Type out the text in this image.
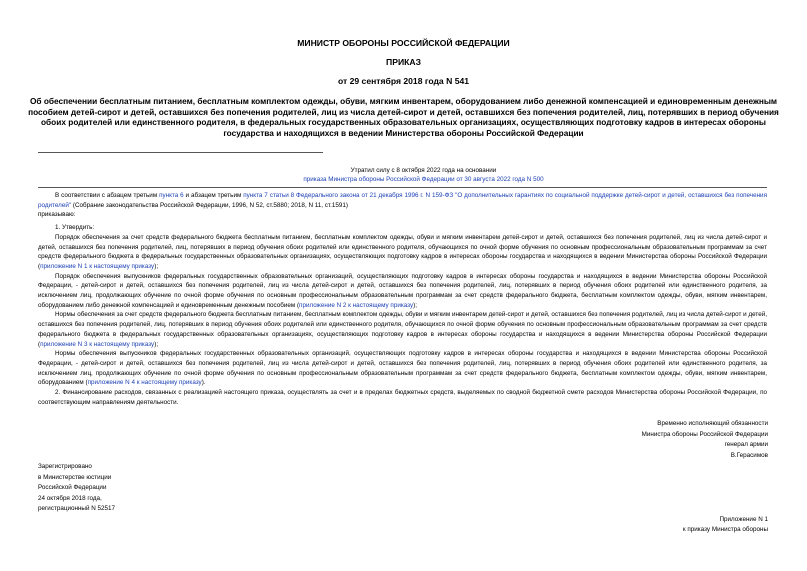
МИНИСТР ОБОРОНЫ РОССИЙСКОЙ ФЕДЕРАЦИИ
ПРИКАЗ
от 29 сентября 2018 года N 541
Об обеспечении бесплатным питанием, бесплатным комплектом одежды, обуви, мягким инвентарем, оборудованием либо денежной компенсацией и единовременным денежным пособием детей-сирот и детей, оставшихся без попечения родителей, лиц из числа детей-сирот и детей, оставшихся без попечения родителей, лиц, потерявших в период обучения обоих родителей или единственного родителя, в федеральных государственных образовательных организациях, осуществляющих подготовку кадров в интересах обороны государства и находящихся в ведении Министерства обороны Российской Федерации
Утратил силу с 8 октября 2022 года на основании
приказа Министра обороны Российской Федерации от 30 августа 2022 года N 500

В соответствии с абзацем третьим пункта 6 и абзацем третьим пункта 7 статьи 8 Федерального закона от 21 декабря 1996 г. N 159-ФЗ "О дополнительных гарантиях по социальной поддержке детей-сирот и детей, оставшихся без попечения родителей" (Собрание законодательства Российской Федерации, 1996, N 52, ст.5880; 2018, N 11, ст.1591)

приказываю:

1. Утвердить:

Порядок обеспечения за счет средств федерального бюджета бесплатным питанием, бесплатным комплектом одежды, обуви и мягким инвентарем детей-сирот и детей, оставшихся без попечения родителей, лиц из числа детей-сирот и детей, оставшихся без попечения родителей, лиц, потерявших в период обучения обоих родителей или единственного родителя, обучающихся по очной форме обучения по основным профессиональным образовательным программам за счет средств федерального бюджета в федеральных государственных образовательных организациях, осуществляющих подготовку кадров в интересах обороны государства и находящихся в ведении Министерства обороны Российской Федерации (приложение N 1 к настоящему приказу);

Порядок обеспечения выпускников федеральных государственных образовательных организаций, осуществляющих подготовку кадров в интересах обороны государства и находящихся в ведении Министерства обороны Российской Федерации, - детей-сирот и детей, оставшихся без попечения родителей, лиц из числа детей-сирот и детей, оставшихся без попечения родителей, лиц, потерявших в период обучения обоих родителей или единственного родителя, за исключением лиц, продолжающих обучение по очной форме обучения по основным профессиональным образовательным программам за счет средств федерального бюджета, бесплатным комплектом одежды, обуви, мягким инвентарем, оборудованием либо денежной компенсацией и единовременным денежным пособием (приложение N 2 к настоящему приказу);

Нормы обеспечения за счет средств федерального бюджета бесплатным питанием, бесплатным комплектом одежды, обуви и мягким инвентарем детей-сирот и детей, оставшихся без попечения родителей, лиц из числа детей-сирот и детей, оставшихся без попечения родителей, лиц, потерявших в период обучения обоих родителей или единственного родителя, обучающихся по очной форме обучения по основным профессиональным образовательным программам за счет средств федерального бюджета в федеральных государственных образовательных организациях, осуществляющих подготовку кадров в интересах обороны государства и находящихся в ведении Министерства обороны Российской Федерации (приложение N 3 к настоящему приказу);

Нормы обеспечения выпускников федеральных государственных образовательных организаций, осуществляющих подготовку кадров в интересах обороны государства и находящихся в ведении Министерства обороны Российской Федерации, - детей-сирот и детей, оставшихся без попечения родителей, лиц из числа детей-сирот и детей, оставшихся без попечения родителей, лиц, потерявших в период обучения обоих родителей или единственного родителя, за исключением лиц, продолжающих обучение по очной форме обучения по основным профессиональным образовательным программам за счет средств федерального бюджета, бесплатным комплектом одежды, обуви, мягким инвентарем, оборудованием (приложение N 4 к настоящему приказу).

2. Финансирование расходов, связанных с реализацией настоящего приказа, осуществлять за счет и в пределах бюджетных средств, выделяемых по сводной бюджетной смете расходов Министерства обороны Российской Федерации, по соответствующим направлениям деятельности.

Временно исполняющий обязанности
Министра обороны Российской Федерации
генерал армии
В.Герасимов
Зарегистрировано
в Министерстве юстиции
Российской Федерации
24 октября 2018 года,
регистрационный N 52517
Приложение N 1
к приказу Министра обороны
